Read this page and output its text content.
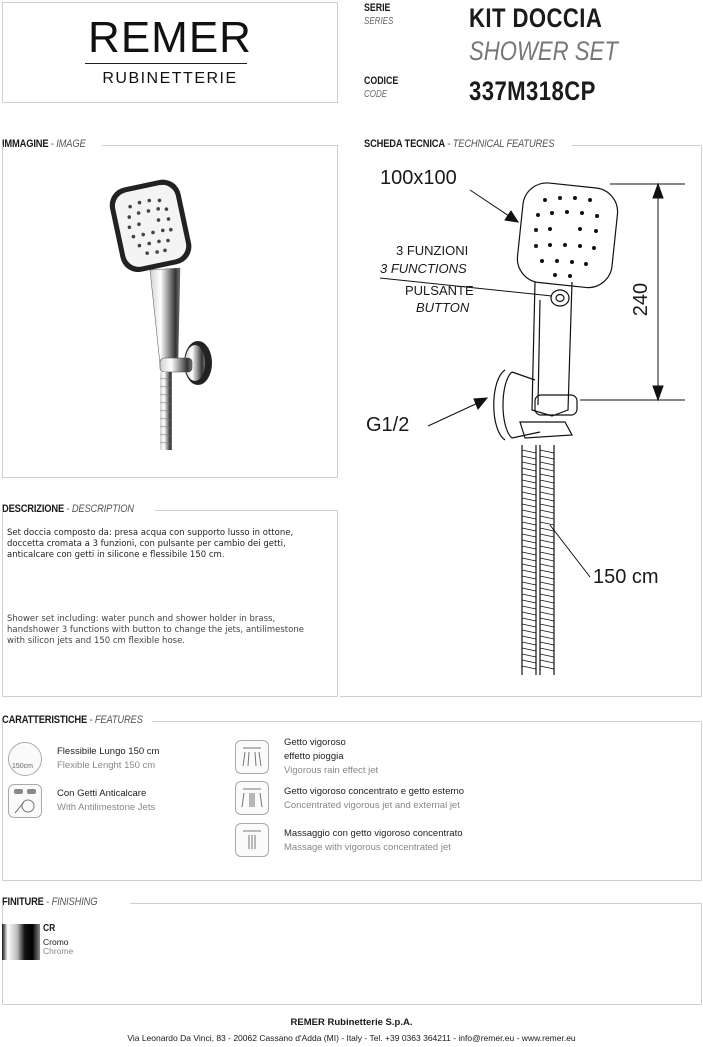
REMER
RUBINETTERIE
SERIE
SERIES	KIT DOCCIA
SHOWER SET
CODICE
CODE	337M318CP
IMMAGINE - IMAGE	SCHEDA TECNICA - TECHNICAL FEATURES
100x100
3 FUNZIONI
3 FUNCTIONS
PULSANTE
BUTTON	240
G1/2
150 cm
DESCRIZIONE - DESCRIPTION
Set doccia composto da: presa acqua con supporto lusso in ottone, doccetta cromata a 3 funzioni, con pulsante per cambio dei getti, anticalcare con getti in silicone e flessibile 150 cm.
Shower set including: water punch and shower holder in brass, handshower 3 functions with button to change the jets, antilimestone with silicon jets and 150 cm flexible hose.
CARATTERISTICHE - FEATURES
150cm
Flessibile Lungo 150 cm
Flexible Lenght 150 cm
Con Getti Anticalcare
With Antilimestone Jets
Getto vigoroso
effetto pioggia
Vigorous rain effect jet
Getto vigoroso concentrato e getto esterno
Concentrated vigorous jet and external jet
Massaggio con getto vigoroso concentrato
Massage with vigorous concentrated jet
FINITURE - FINISHING
CR
Cromo
Chrome
REMER Rubinetterie S.p.A.
Via Leonardo Da Vinci, 83 - 20062 Cassano d'Adda (MI) - Italy - Tel. +39 0363 364211 - info@remer.eu - www.remer.eu
